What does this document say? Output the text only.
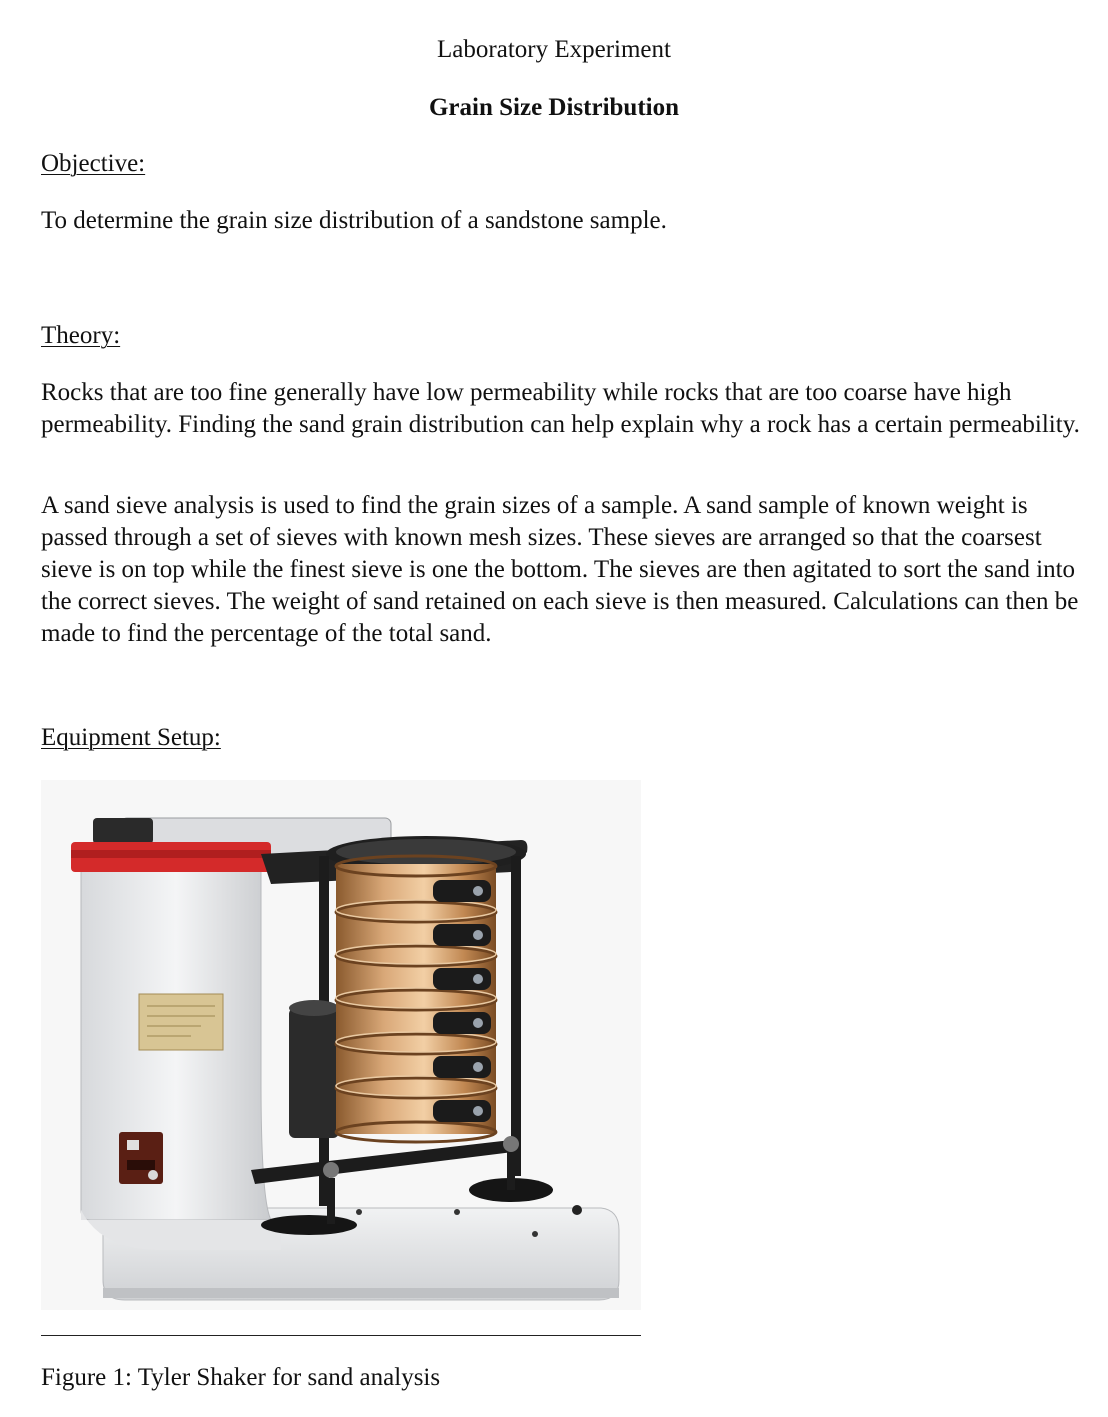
Laboratory Experiment
Grain Size Distribution
Objective:

To determine the grain size distribution of a sandstone sample.

Theory:

Rocks that are too fine generally have low permeability while rocks that are too coarse have high permeability. Finding the sand grain distribution can help explain why a rock has a certain permeability.

A sand sieve analysis is used to find the grain sizes of a sample. A sand sample of known weight is passed through a set of sieves with known mesh sizes. These sieves are arranged so that the coarsest sieve is on top while the finest sieve is one the bottom. The sieves are then agitated to sort the sand into the correct sieves. The weight of sand retained on each sieve is then measured. Calculations can then be made to find the percentage of the total sand.

Equipment Setup:
Figure 1: Tyler Shaker for sand analysis
